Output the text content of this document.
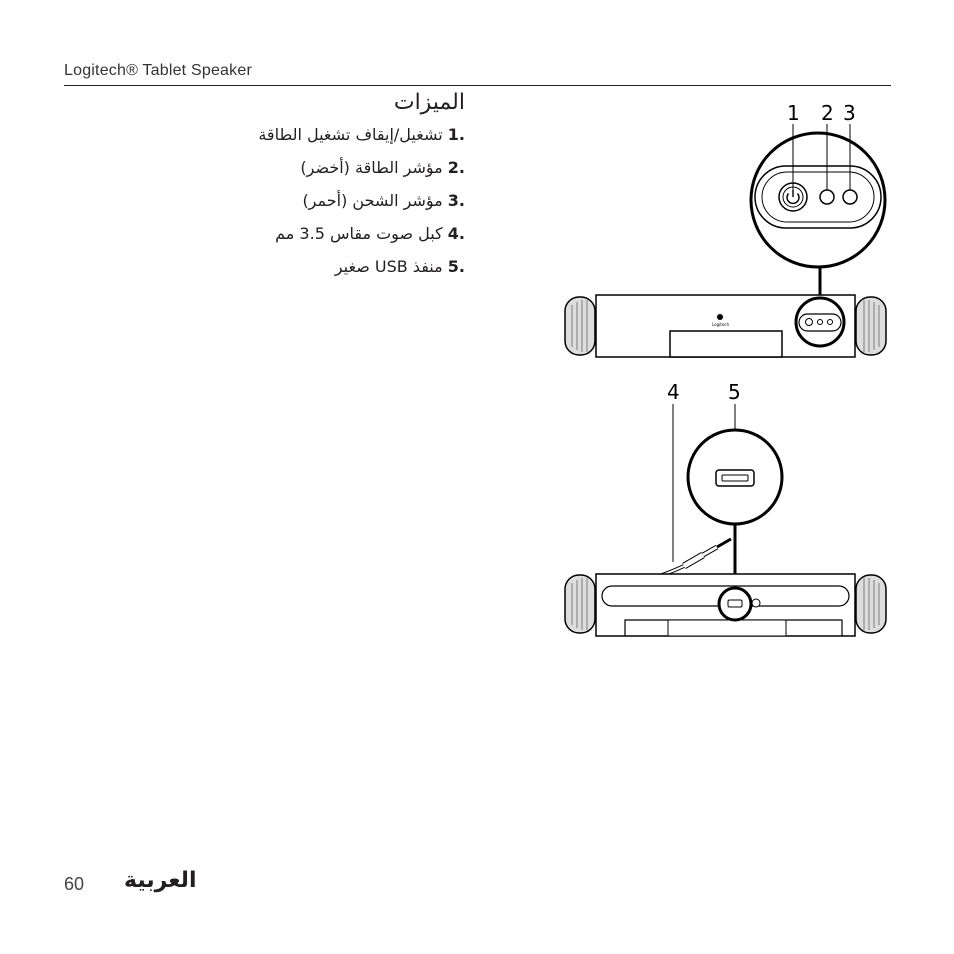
Logitech® Tablet Speaker
الميزات
.1 تشغيل/إيقاف تشغيل الطاقة
.2 مؤشر الطاقة (أخضر)
.3 مؤشر الشحن (أحمر)
.4 كبل صوت مقاس 3.5 مم
.5 منفذ USB صغير
1 2 3
Logitech
4 5
60 العربية
